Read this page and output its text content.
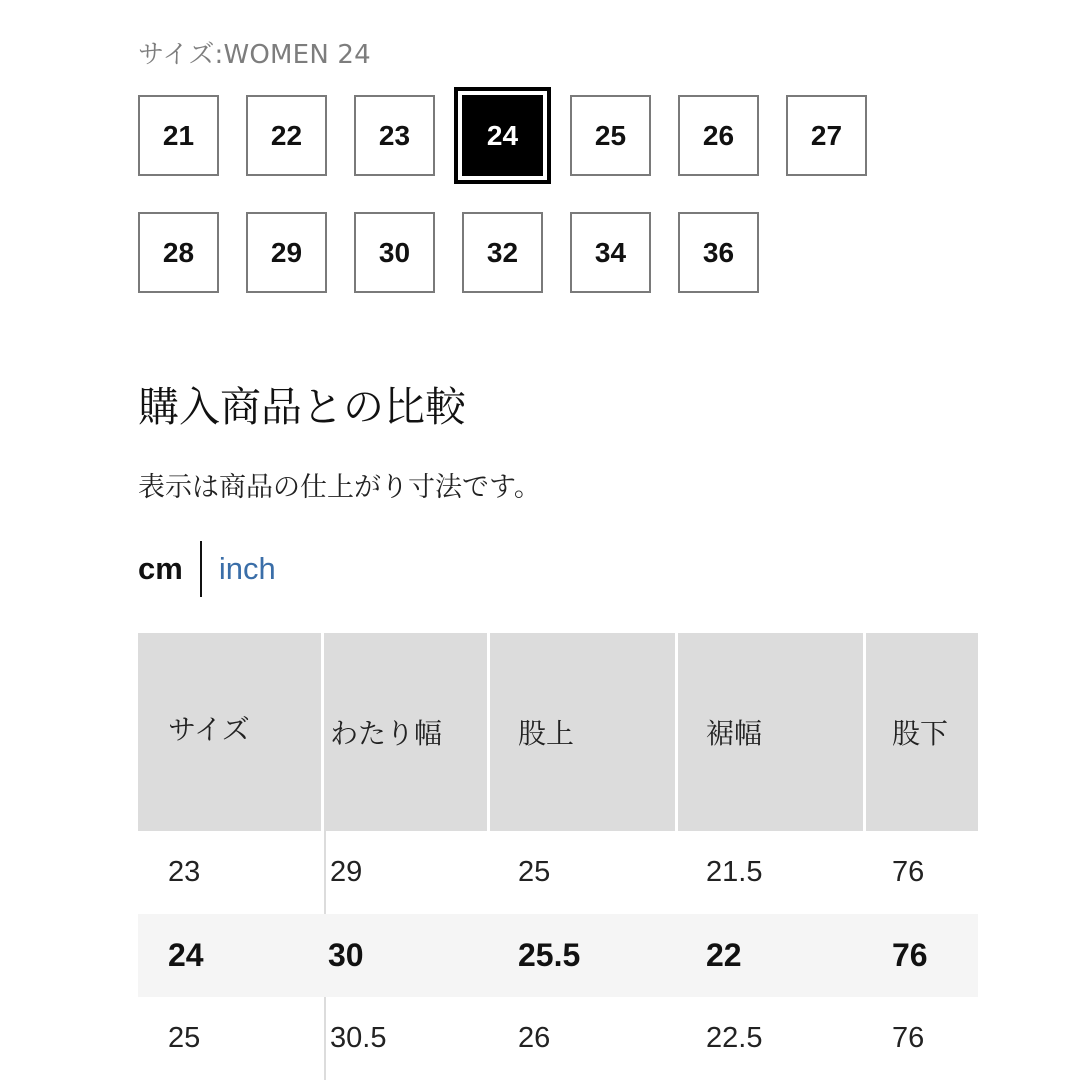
サイズ:WOMEN 24
21	22	23	24	25	26	27
28	29	30	32	34	36
購入商品との比較
表示は商品の仕上がり寸法です。
cm inch
サイズ	わたり幅	股上	裾幅	股下
23	29	25	21.5	76
24	30	25.5	22	76
25	30.5	26	22.5	76
